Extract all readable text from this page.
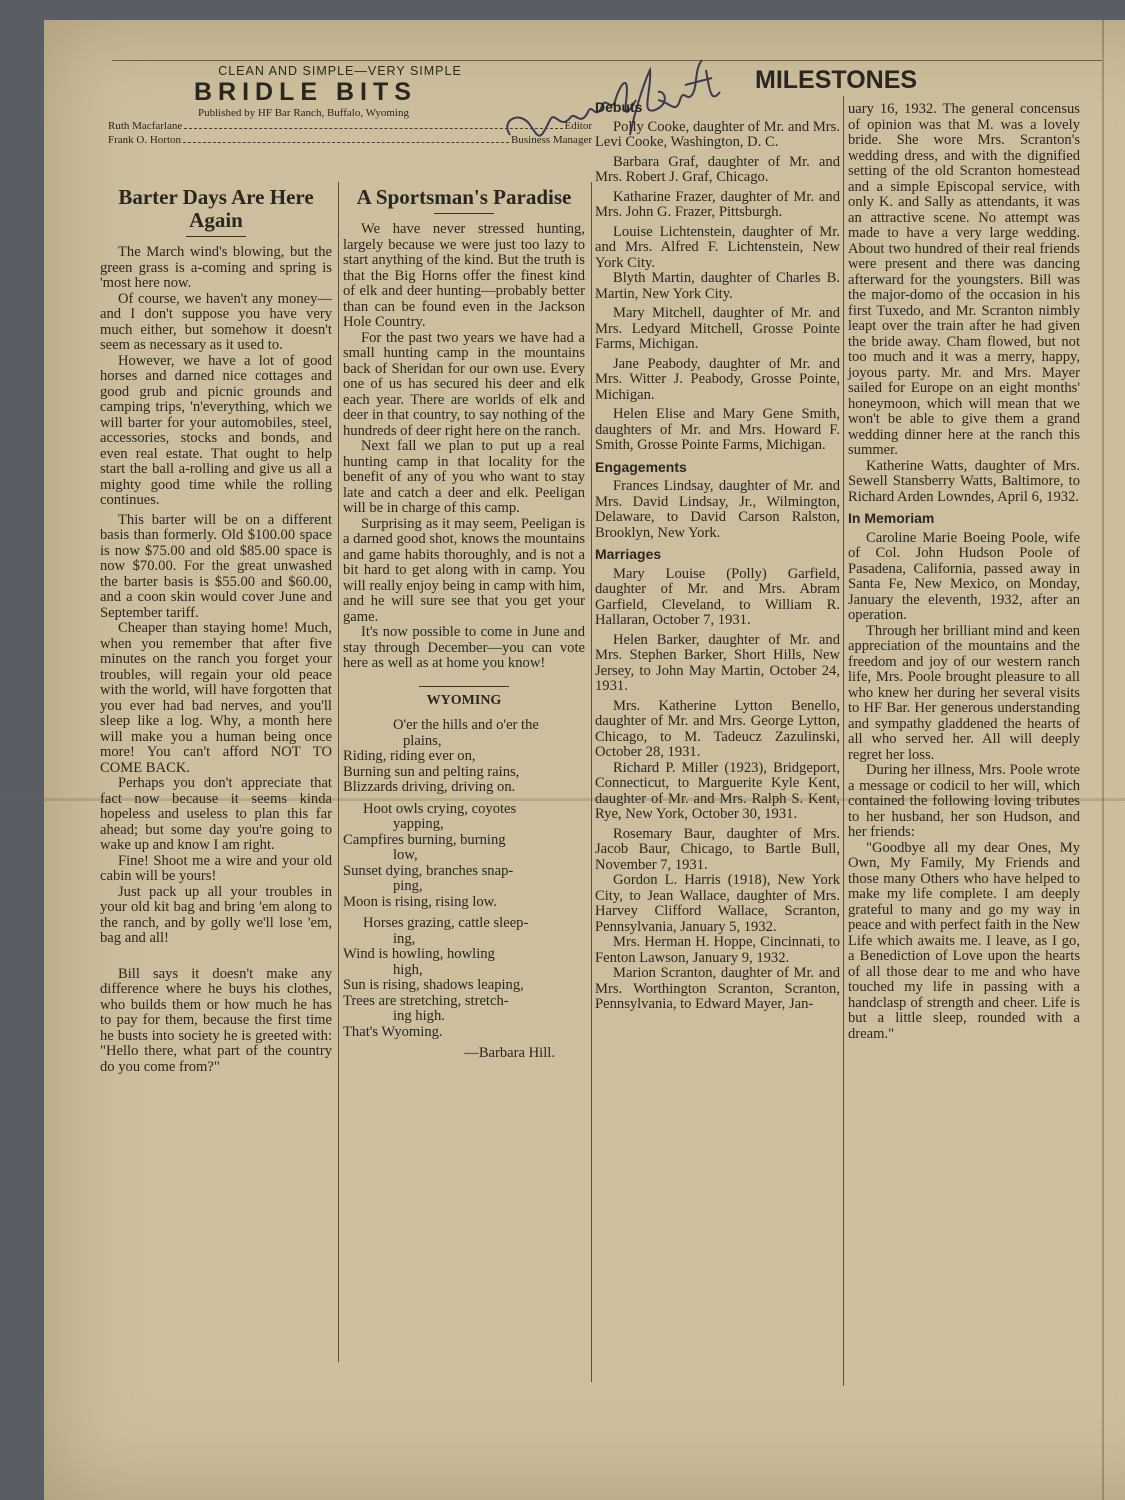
CLEAN AND SIMPLE—VERY SIMPLE
BRIDLE BITS
Published by HF Bar Ranch, Buffalo, Wyoming
Ruth Macfarlane	Editor
Frank O. Horton	Business Manager
Barter Days Are Here Again

The March wind's blowing, but the green grass is a-coming and spring is 'most here now.

Of course, we haven't any money—and I don't suppose you have very much either, but somehow it doesn't seem as necessary as it used to.

However, we have a lot of good horses and darned nice cottages and good grub and picnic grounds and camping trips, 'n'everything, which we will barter for your automobiles, steel, accessories, stocks and bonds, and even real estate. That ought to help start the ball a-rolling and give us all a mighty good time while the rolling continues.

This barter will be on a different basis than formerly. Old $100.00 space is now $75.00 and old $85.00 space is now $70.00. For the great unwashed the barter basis is $55.00 and $60.00, and a coon skin would cover June and September tariff.

Cheaper than staying home! Much, when you remember that after five minutes on the ranch you forget your troubles, will regain your old peace with the world, will have forgotten that you ever had bad nerves, and you'll sleep like a log. Why, a month here will make you a human being once more! You can't afford NOT TO COME BACK.

Perhaps you don't appreciate that fact now because it seems kinda hopeless and useless to plan this far ahead; but some day you're going to wake up and know I am right.

Fine! Shoot me a wire and your old cabin will be yours!

Just pack up all your troubles in your old kit bag and bring 'em along to the ranch, and by golly we'll lose 'em, bag and all!

Bill says it doesn't make any difference where he buys his clothes, who builds them or how much he has to pay for them, because the first time he busts into society he is greeted with: "Hello there, what part of the country do you come from?"

A Sportsman's Paradise

We have never stressed hunting, largely because we were just too lazy to start anything of the kind. But the truth is that the Big Horns offer the finest kind of elk and deer hunting—probably better than can be found even in the Jackson Hole Country.

For the past two years we have had a small hunting camp in the mountains back of Sheridan for our own use. Every one of us has secured his deer and elk each year. There are worlds of elk and deer in that country, to say nothing of the hundreds of deer right here on the ranch.

Next fall we plan to put up a real hunting camp in that locality for the benefit of any of you who want to stay late and catch a deer and elk. Peeligan will be in charge of this camp.

Surprising as it may seem, Peeligan is a darned good shot, knows the mountains and game habits thoroughly, and is not a bit hard to get along with in camp. You will really enjoy being in camp with him, and he will sure see that you get your game.

It's now possible to come in June and stay through December—you can vote here as well as at home you know!

WYOMING

O'er the hills and o'er the

plains,

Riding, riding ever on,

Burning sun and pelting rains,

Blizzards driving, driving on.

Hoot owls crying, coyotes

yapping,

Campfires burning, burning

low,

Sunset dying, branches snap-

ping,

Moon is rising, rising low.

Horses grazing, cattle sleep-

ing,

Wind is howling, howling

high,

Sun is rising, shadows leaping,

Trees are stretching, stretch-

ing high.

That's Wyoming.

—Barbara Hill.

MILESTONES
Debuts

Polly Cooke, daughter of Mr. and Mrs. Levi Cooke, Washington, D. C.

Barbara Graf, daughter of Mr. and Mrs. Robert J. Graf, Chicago.

Katharine Frazer, daughter of Mr. and Mrs. John G. Frazer, Pittsburgh.

Louise Lichtenstein, daughter of Mr. and Mrs. Alfred F. Lichtenstein, New York City.

Blyth Martin, daughter of Charles B. Martin, New York City.

Mary Mitchell, daughter of Mr. and Mrs. Ledyard Mitchell, Grosse Pointe Farms, Michigan.

Jane Peabody, daughter of Mr. and Mrs. Witter J. Peabody, Grosse Pointe, Michigan.

Helen Elise and Mary Gene Smith, daughters of Mr. and Mrs. Howard F. Smith, Grosse Pointe Farms, Michigan.

Engagements

Frances Lindsay, daughter of Mr. and Mrs. David Lindsay, Jr., Wilmington, Delaware, to David Carson Ralston, Brooklyn, New York.

Marriages

Mary Louise (Polly) Garfield, daughter of Mr. and Mrs. Abram Garfield, Cleveland, to William R. Hallaran, October 7, 1931.

Helen Barker, daughter of Mr. and Mrs. Stephen Barker, Short Hills, New Jersey, to John May Martin, October 24, 1931.

Mrs. Katherine Lytton Benello, daughter of Mr. and Mrs. George Lytton, Chicago, to M. Tadeucz Zazulinski, October 28, 1931.

Richard P. Miller (1923), Bridgeport, Connecticut, to Marguerite Kyle Kent, daughter of Mr. and Mrs. Ralph S. Kent, Rye, New York, October 30, 1931.

Rosemary Baur, daughter of Mrs. Jacob Baur, Chicago, to Bartle Bull, November 7, 1931.

Gordon L. Harris (1918), New York City, to Jean Wallace, daughter of Mrs. Harvey Clifford Wallace, Scranton, Pennsylvania, January 5, 1932.

Mrs. Herman H. Hoppe, Cincinnati, to Fenton Lawson, January 9, 1932.

Marion Scranton, daughter of Mr. and Mrs. Worthington Scranton, Scranton, Pennsylvania, to Edward Mayer, Jan-

uary 16, 1932. The general concensus of opinion was that M. was a lovely bride. She wore Mrs. Scranton's wedding dress, and with the dignified setting of the old Scranton homestead and a simple Episcopal service, with only K. and Sally as attendants, it was an attractive scene. No attempt was made to have a very large wedding. About two hundred of their real friends were present and there was dancing afterward for the youngsters. Bill was the major-domo of the occasion in his first Tuxedo, and Mr. Scranton nimbly leapt over the train after he had given the bride away. Cham flowed, but not too much and it was a merry, happy, joyous party. Mr. and Mrs. Mayer sailed for Europe on an eight months' honeymoon, which will mean that we won't be able to give them a grand wedding dinner here at the ranch this summer.

Katherine Watts, daughter of Mrs. Sewell Stansberry Watts, Baltimore, to Richard Arden Lowndes, April 6, 1932.

In Memoriam

Caroline Marie Boeing Poole, wife of Col. John Hudson Poole of Pasadena, California, passed away in Santa Fe, New Mexico, on Monday, January the eleventh, 1932, after an operation.

Through her brilliant mind and keen appreciation of the mountains and the freedom and joy of our western ranch life, Mrs. Poole brought pleasure to all who knew her during her several visits to HF Bar. Her generous understanding and sympathy gladdened the hearts of all who served her. All will deeply regret her loss.

During her illness, Mrs. Poole wrote a message or codicil to her will, which contained the following loving tributes to her husband, her son Hudson, and her friends:

"Goodbye all my dear Ones, My Own, My Family, My Friends and those many Others who have helped to make my life complete. I am deeply grateful to many and go my way in peace and with perfect faith in the New Life which awaits me. I leave, as I go, a Benediction of Love upon the hearts of all those dear to me and who have touched my life in passing with a handclasp of strength and cheer. Life is but a little sleep, rounded with a dream."
